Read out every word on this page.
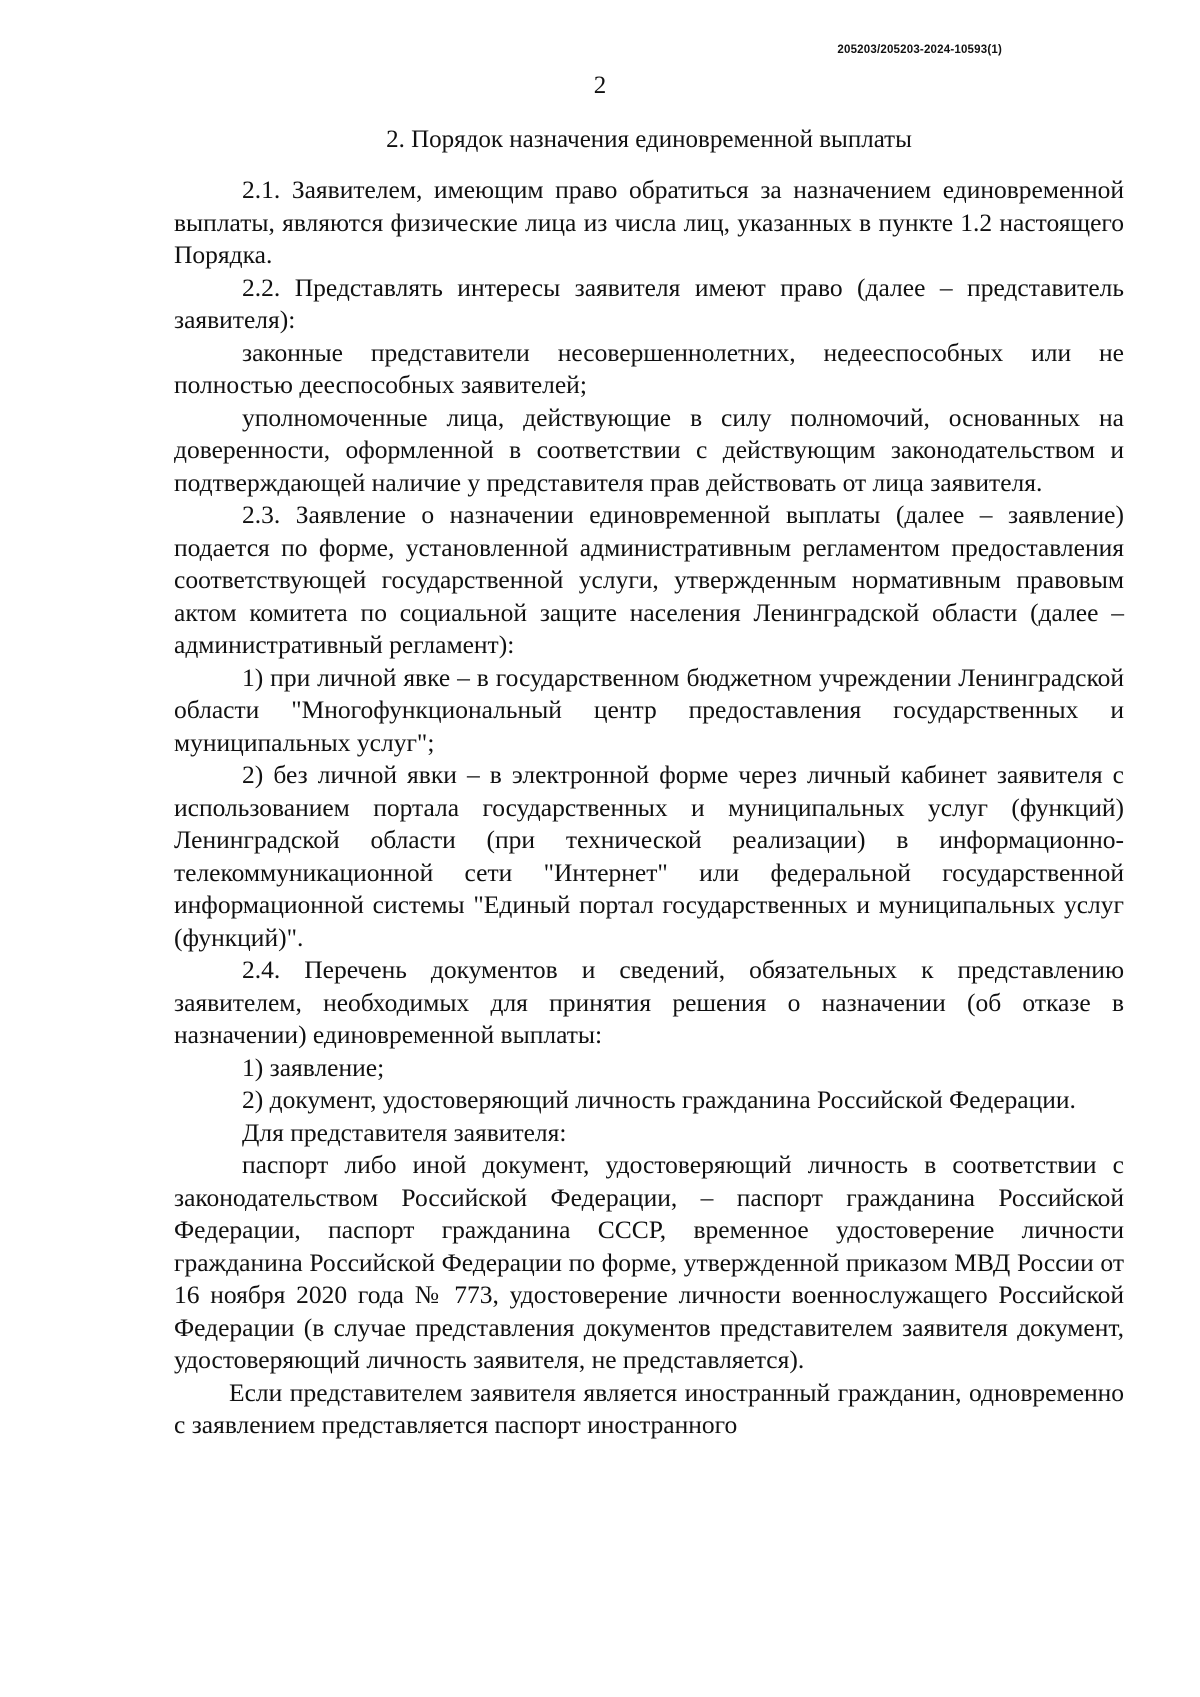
205203/205203-2024-10593(1)
2
2. Порядок назначения единовременной выплаты

2.1. Заявителем, имеющим право обратиться за назначением единовременной выплаты, являются физические лица из числа лиц, указанных в пункте 1.2 настоящего Порядка.

2.2. Представлять интересы заявителя имеют право (далее – представитель заявителя):

законные представители несовершеннолетних, недееспособных или не полностью дееспособных заявителей;

уполномоченные лица, действующие в силу полномочий, основанных на доверенности, оформленной в соответствии с действующим законодательством и подтверждающей наличие у представителя прав действовать от лица заявителя.

2.3. Заявление о назначении единовременной выплаты (далее – заявление) подается по форме, установленной административным регламентом предоставления соответствующей государственной услуги, утвержденным нормативным правовым актом комитета по социальной защите населения Ленинградской области (далее – административный регламент):

1) при личной явке – в государственном бюджетном учреждении Ленинградской области "Многофункциональный центр предоставления государственных и муниципальных услуг";

2) без личной явки – в электронной форме через личный кабинет заявителя с использованием портала государственных и муниципальных услуг (функций) Ленинградской области (при технической реализации) в информационно-телекоммуникационной сети "Интернет" или федеральной государственной информационной системы "Единый портал государственных и муниципальных услуг (функций)".

2.4. Перечень документов и сведений, обязательных к представлению заявителем, необходимых для принятия решения о назначении (об отказе в назначении) единовременной выплаты:

1) заявление;

2) документ, удостоверяющий личность гражданина Российской Федерации.

Для представителя заявителя:

паспорт либо иной документ, удостоверяющий личность в соответствии с законодательством Российской Федерации, – паспорт гражданина Российской Федерации, паспорт гражданина СССР, временное удостоверение личности гражданина Российской Федерации по форме, утвержденной приказом МВД России от 16 ноября 2020 года № 773, удостоверение личности военнослужащего Российской Федерации (в случае представления документов представителем заявителя документ, удостоверяющий личность заявителя, не представляется).

Если представителем заявителя является иностранный гражданин, одновременно с заявлением представляется паспорт иностранного
